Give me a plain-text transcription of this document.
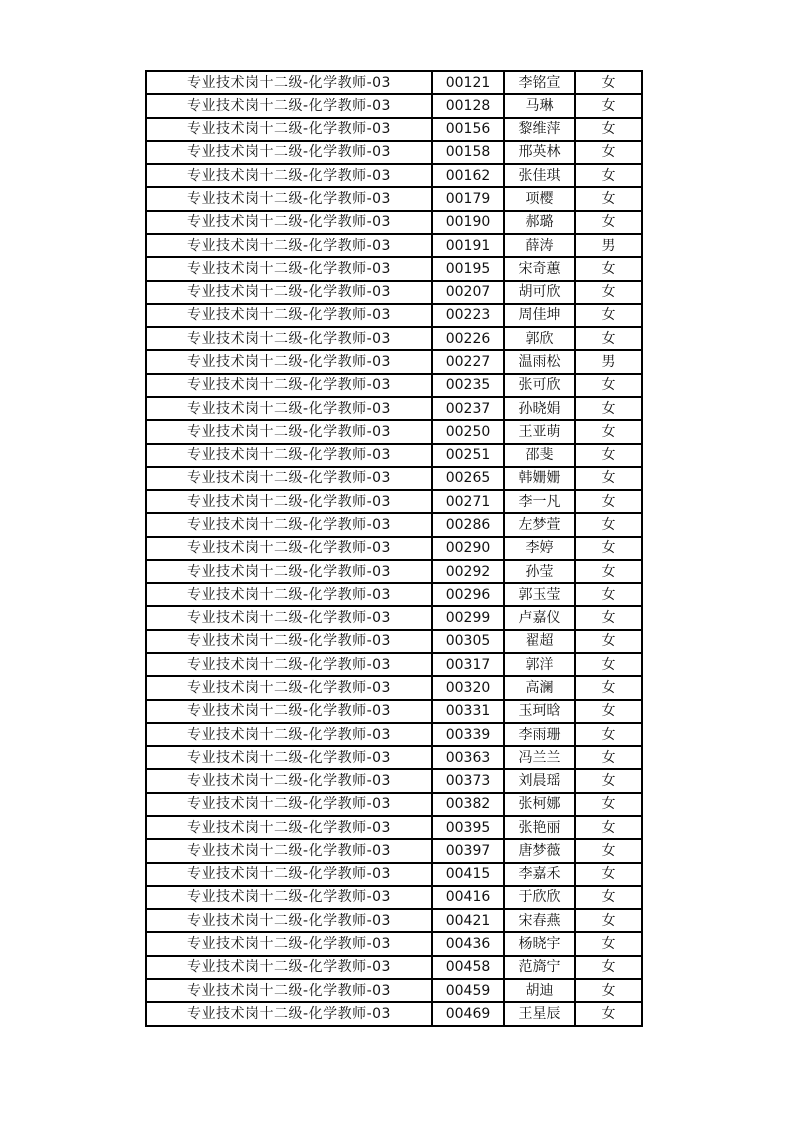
专业技术岗十二级-化学教师-03	00121	李铭宣	女
专业技术岗十二级-化学教师-03	00128	马琳	女
专业技术岗十二级-化学教师-03	00156	黎维萍	女
专业技术岗十二级-化学教师-03	00158	邢英林	女
专业技术岗十二级-化学教师-03	00162	张佳琪	女
专业技术岗十二级-化学教师-03	00179	项樱	女
专业技术岗十二级-化学教师-03	00190	郝璐	女
专业技术岗十二级-化学教师-03	00191	薛涛	男
专业技术岗十二级-化学教师-03	00195	宋奇蕙	女
专业技术岗十二级-化学教师-03	00207	胡可欣	女
专业技术岗十二级-化学教师-03	00223	周佳坤	女
专业技术岗十二级-化学教师-03	00226	郭欣	女
专业技术岗十二级-化学教师-03	00227	温雨松	男
专业技术岗十二级-化学教师-03	00235	张可欣	女
专业技术岗十二级-化学教师-03	00237	孙晓娟	女
专业技术岗十二级-化学教师-03	00250	王亚萌	女
专业技术岗十二级-化学教师-03	00251	邵斐	女
专业技术岗十二级-化学教师-03	00265	韩姗姗	女
专业技术岗十二级-化学教师-03	00271	李一凡	女
专业技术岗十二级-化学教师-03	00286	左梦萱	女
专业技术岗十二级-化学教师-03	00290	李婷	女
专业技术岗十二级-化学教师-03	00292	孙莹	女
专业技术岗十二级-化学教师-03	00296	郭玉莹	女
专业技术岗十二级-化学教师-03	00299	卢嘉仪	女
专业技术岗十二级-化学教师-03	00305	翟超	女
专业技术岗十二级-化学教师-03	00317	郭洋	女
专业技术岗十二级-化学教师-03	00320	高澜	女
专业技术岗十二级-化学教师-03	00331	玉珂晗	女
专业技术岗十二级-化学教师-03	00339	李雨珊	女
专业技术岗十二级-化学教师-03	00363	冯兰兰	女
专业技术岗十二级-化学教师-03	00373	刘晨瑶	女
专业技术岗十二级-化学教师-03	00382	张柯娜	女
专业技术岗十二级-化学教师-03	00395	张艳丽	女
专业技术岗十二级-化学教师-03	00397	唐梦薇	女
专业技术岗十二级-化学教师-03	00415	李嘉禾	女
专业技术岗十二级-化学教师-03	00416	于欣欣	女
专业技术岗十二级-化学教师-03	00421	宋春燕	女
专业技术岗十二级-化学教师-03	00436	杨晓宇	女
专业技术岗十二级-化学教师-03	00458	范旖宁	女
专业技术岗十二级-化学教师-03	00459	胡迪	女
专业技术岗十二级-化学教师-03	00469	王星辰	女
